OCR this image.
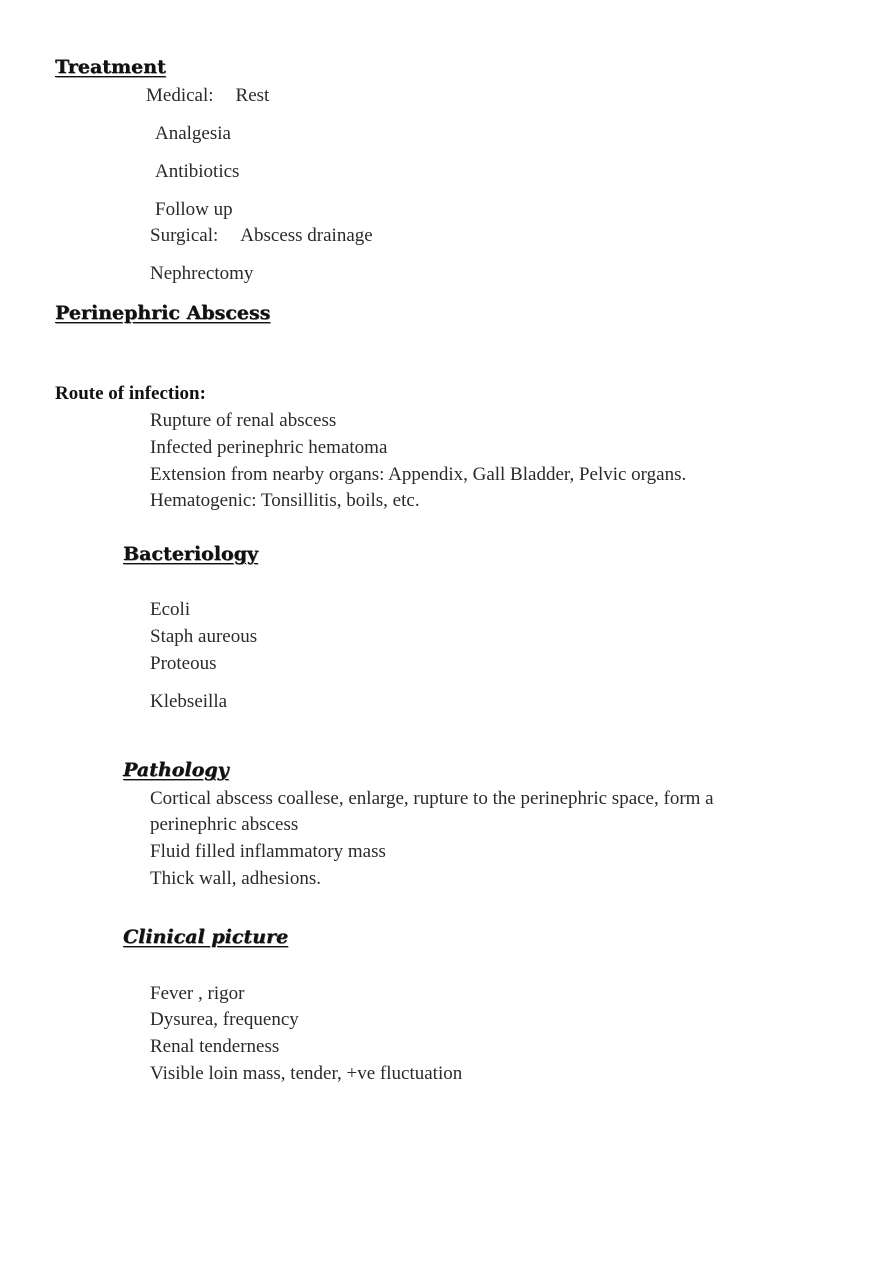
Treatment
Medical: Rest
Analgesia
Antibiotics
Follow up
Surgical: Abscess drainage
Nephrectomy
Perinephric Abscess
Route of infection:
Rupture of renal abscess
Infected perinephric hematoma
Extension from nearby organs: Appendix, Gall Bladder, Pelvic organs.
Hematogenic: Tonsillitis, boils, etc.
Bacteriology
Ecoli
Staph aureous
Proteous
Klebseilla
Pathology
Cortical abscess coallese, enlarge, rupture to the perinephric space, form a
perinephric abscess
Fluid filled inflammatory mass
Thick wall, adhesions.
Clinical picture
Fever , rigor
Dysurea, frequency
Renal tenderness
Visible loin mass, tender, +ve fluctuation
